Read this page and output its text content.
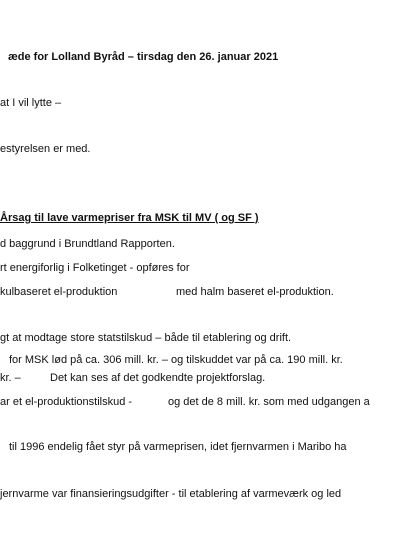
æde for Lolland Byråd – tirsdag den 26. januar 2021
at I vil lytte –
estyrelsen er med.
Årsag til lave varmepriser fra MSK til MV ( og SF )
d baggrund i Brundtland Rapporten.
rt energiforlig i Folketinget - opføres for
kulbaseret el-produktion	med halm baseret el-produktion.
gt at modtage store statstilskud – både til etablering og drift.
for MSK lød på ca. 306 mill. kr. – og tilskuddet var på ca. 190 mill. kr.
kr. –	Det kan ses af det godkendte projektforslag.
ar et el-produktionstilskud -	og det de 8 mill. kr. som med udgangen a
til 1996 endelig fået styr på varmeprisen, idet fjernvarmen i Maribo ha
jernvarme var finansieringsudgifter - til etablering af varmeværk og led
